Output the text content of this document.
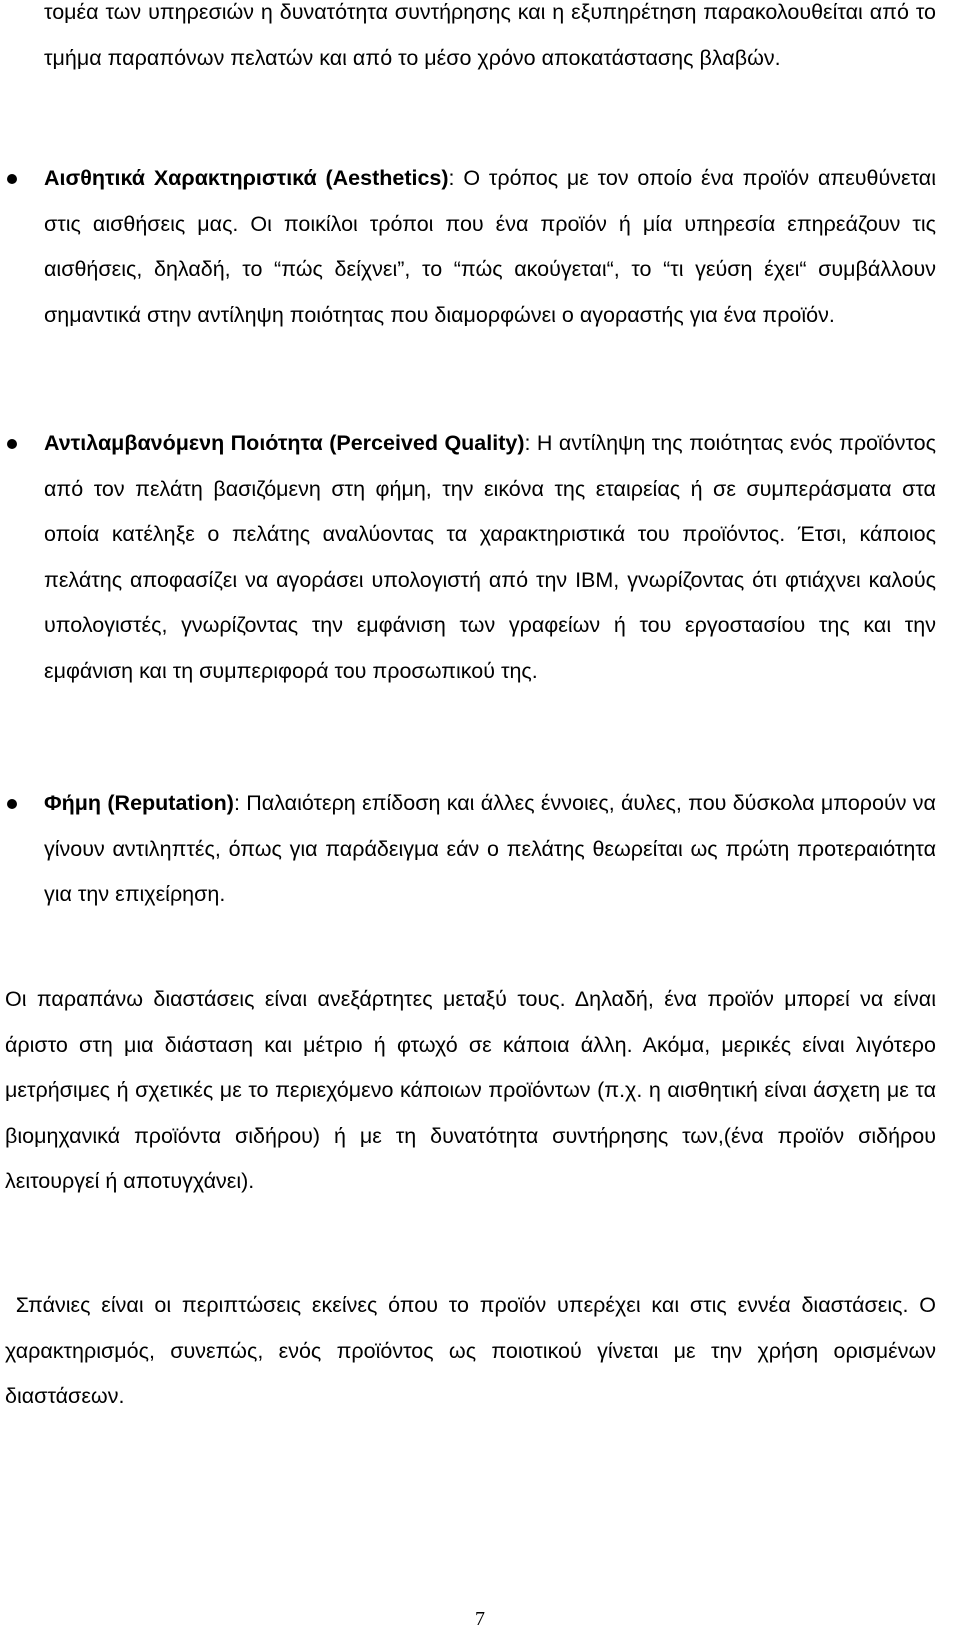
τομέα των υπηρεσιών η δυνατότητα συντήρησης και η εξυπηρέτηση παρακολουθείται από το τμήμα παραπόνων πελατών και από το μέσο χρόνο αποκατάστασης βλαβών.

Αισθητικά Χαρακτηριστικά (Aesthetics): Ο τρόπος με τον οποίο ένα προϊόν απευθύνεται στις αισθήσεις μας. Οι ποικίλοι τρόποι που ένα προϊόν ή μία υπηρεσία επηρεάζουν τις αισθήσεις, δηλαδή, το “πώς δείχνει”, το “πώς ακούγεται“, το “τι γεύση έχει“ συμβάλλουν σημαντικά στην αντίληψη ποιότητας που διαμορφώνει ο αγοραστής για ένα προϊόν.

Αντιλαμβανόμενη Ποιότητα (Perceived Quality): Η αντίληψη της ποιότητας ενός προϊόντος από τον πελάτη βασιζόμενη στη φήμη, την εικόνα της εταιρείας ή σε συμπεράσματα στα οποία κατέληξε ο πελάτης αναλύοντας τα χαρακτηριστικά του προϊόντος. Έτσι, κάποιος πελάτης αποφασίζει να αγοράσει υπολογιστή από την IBM, γνωρίζοντας ότι φτιάχνει καλούς υπολογιστές, γνωρίζοντας την εμφάνιση των γραφείων ή του εργοστασίου της και την εμφάνιση και τη συμπεριφορά του προσωπικού της.

Φήμη (Reputation): Παλαιότερη επίδοση και άλλες έννοιες, άυλες, που δύσκολα μπορούν να γίνουν αντιληπτές, όπως για παράδειγμα εάν ο πελάτης θεωρείται ως πρώτη προτεραιότητα για την επιχείρηση.

Οι παραπάνω διαστάσεις είναι ανεξάρτητες μεταξύ τους. Δηλαδή, ένα προϊόν μπορεί να είναι άριστο στη μια διάσταση και μέτριο ή φτωχό σε κάποια άλλη. Ακόμα, μερικές είναι λιγότερο μετρήσιμες ή σχετικές με το περιεχόμενο κάποιων προϊόντων (π.χ. η αισθητική είναι άσχετη με τα βιομηχανικά προϊόντα σιδήρου) ή με τη δυνατότητα συντήρησης των,(ένα προϊόν σιδήρου λειτουργεί ή αποτυγχάνει).

Σπάνιες είναι οι περιπτώσεις εκείνες όπου το προϊόν υπερέχει και στις εννέα διαστάσεις. Ο χαρακτηρισμός, συνεπώς, ενός προϊόντος ως ποιοτικού γίνεται με την χρήση ορισμένων διαστάσεων.

7
